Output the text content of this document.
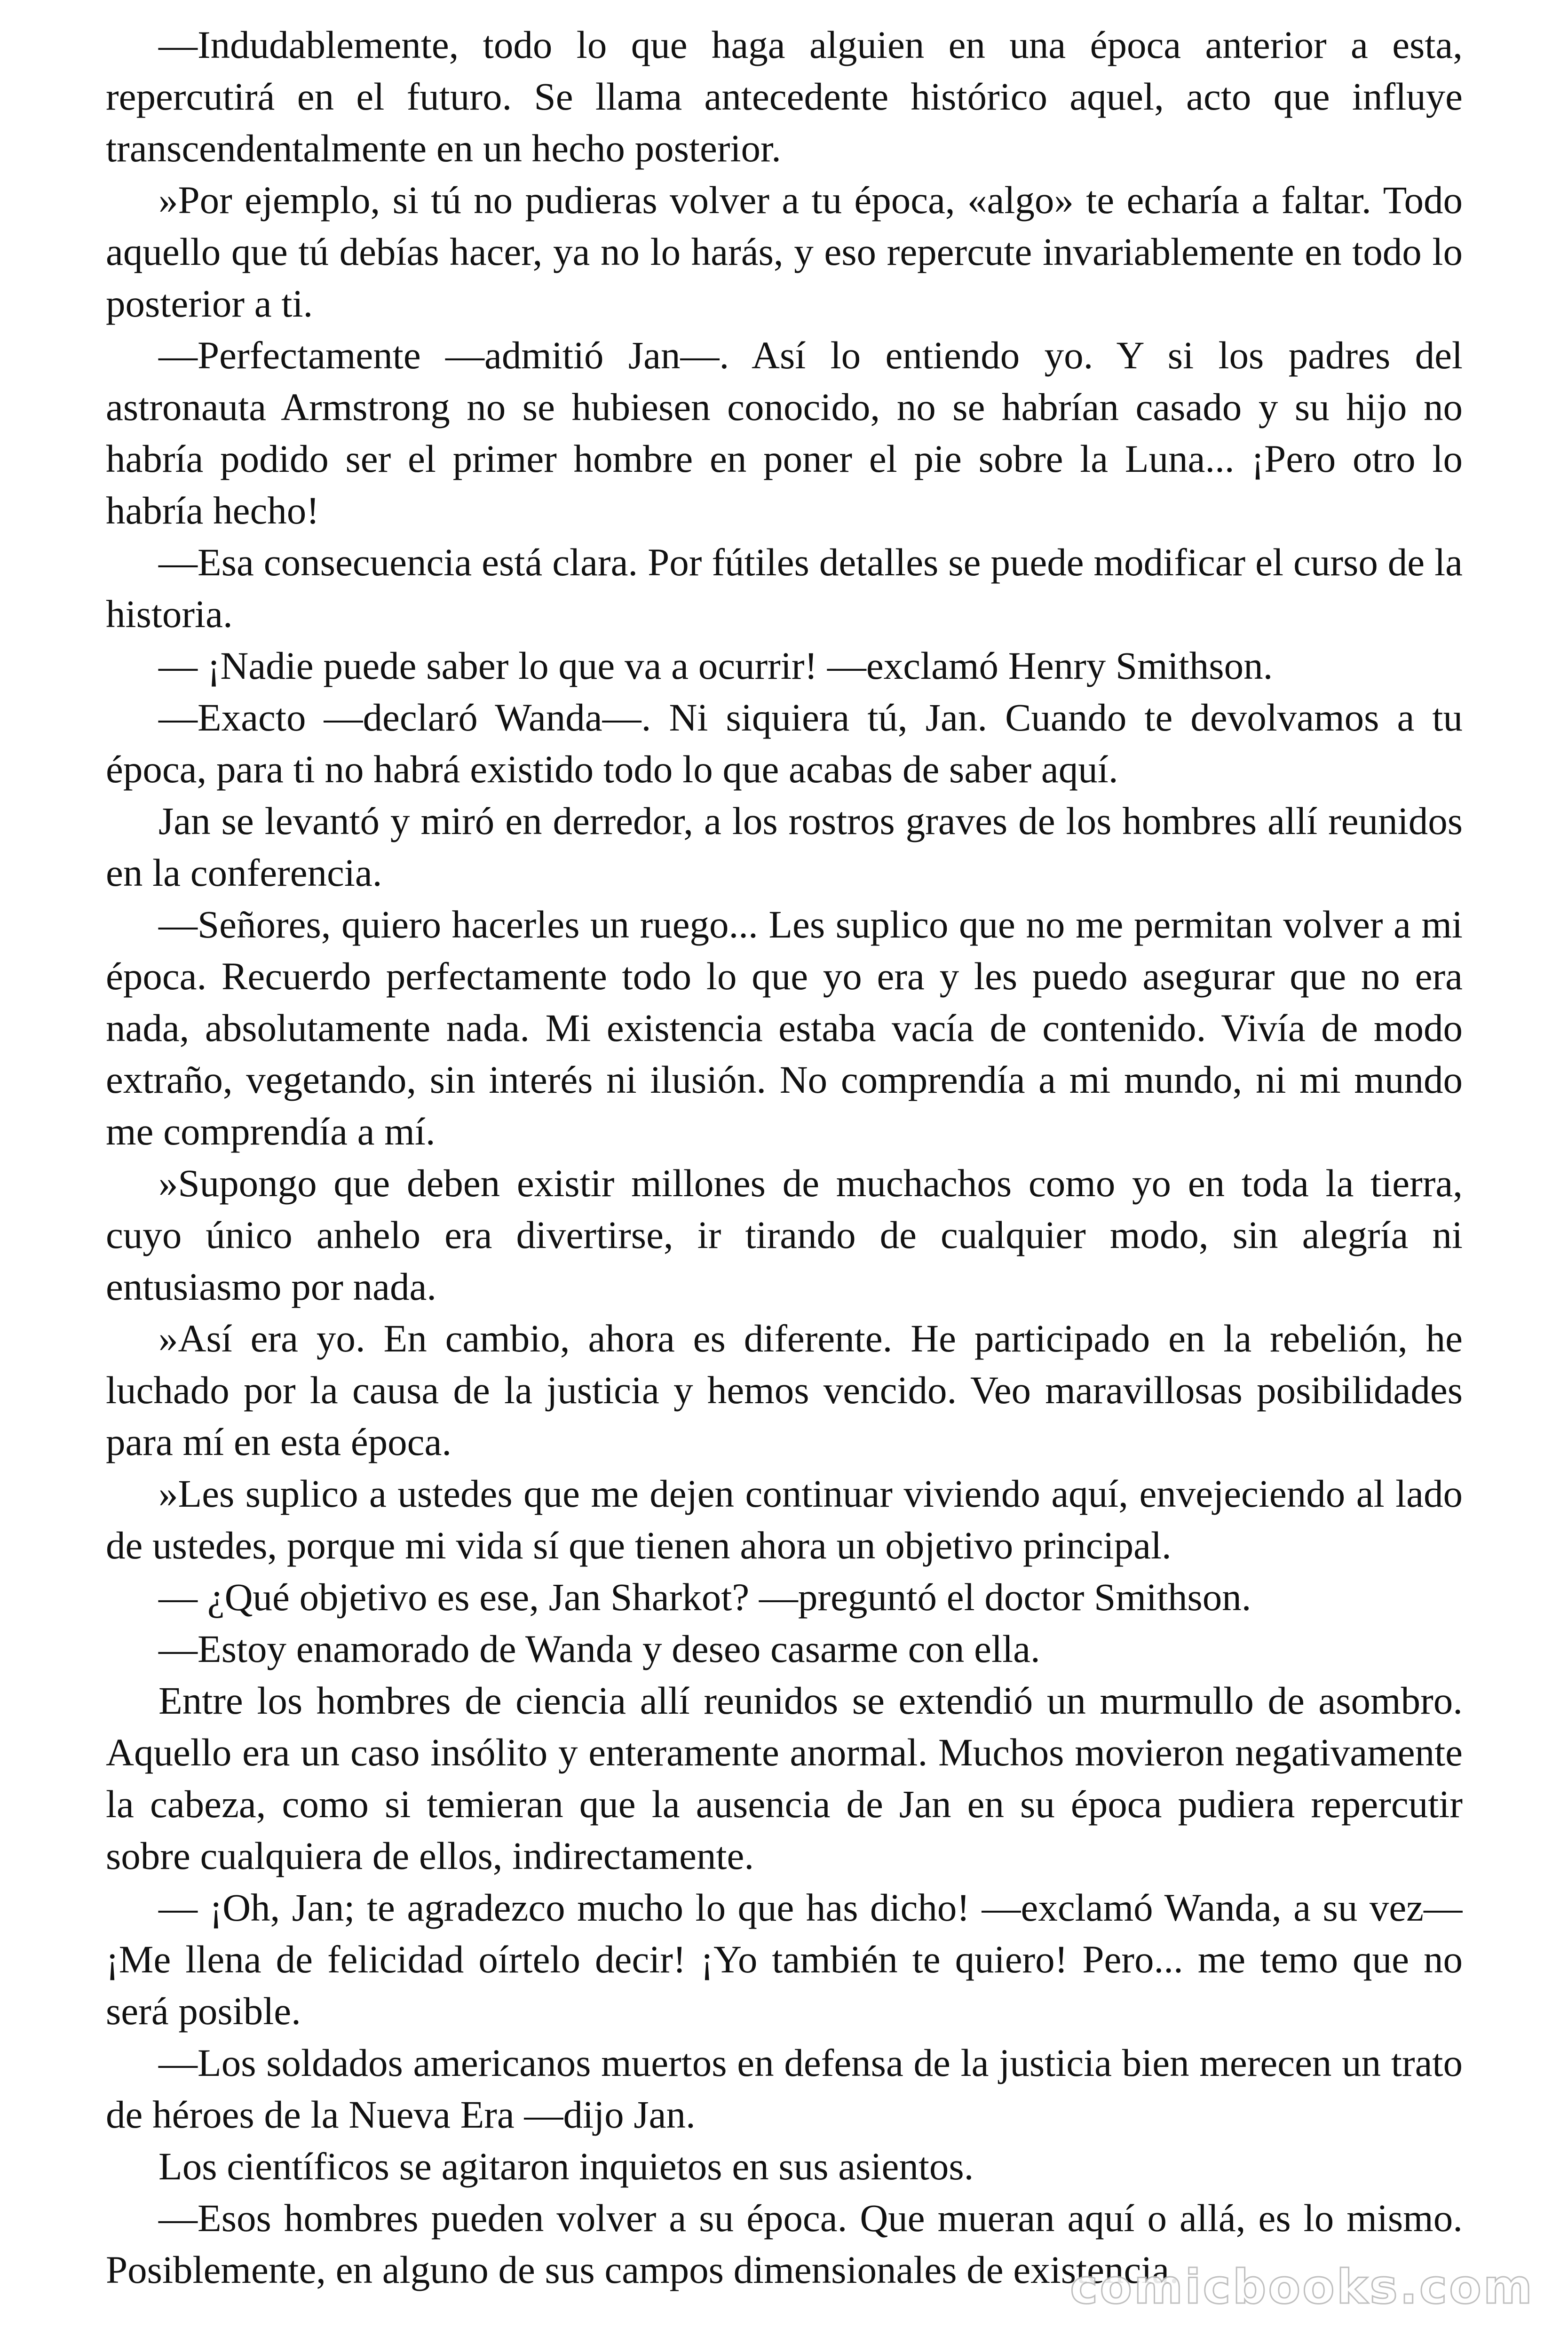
—Indudablemente, todo lo que haga alguien en una época anterior a esta, repercutirá en el futuro. Se llama antecedente histórico aquel, acto que influye transcendentalmente en un hecho posterior.

»Por ejemplo, si tú no pudieras volver a tu época, «algo» te echaría a faltar. Todo aquello que tú debías hacer, ya no lo harás, y eso repercute invariablemente en todo lo posterior a ti.

—Perfectamente —admitió Jan—. Así lo entiendo yo. Y si los padres del astronauta Armstrong no se hubiesen conocido, no se habrían casado y su hijo no habría podido ser el primer hombre en poner el pie sobre la Luna... ¡Pero otro lo habría hecho!

—Esa consecuencia está clara. Por fútiles detalles se puede modificar el curso de la historia.

— ¡Nadie puede saber lo que va a ocurrir! —exclamó Henry Smithson.

—Exacto —declaró Wanda—. Ni siquiera tú, Jan. Cuando te devolvamos a tu época, para ti no habrá existido todo lo que acabas de saber aquí.

Jan se levantó y miró en derredor, a los rostros graves de los hombres allí reunidos en la conferencia.

—Señores, quiero hacerles un ruego... Les suplico que no me permitan volver a mi época. Recuerdo perfectamente todo lo que yo era y les puedo asegurar que no era nada, absolutamente nada. Mi existencia estaba vacía de contenido. Vivía de modo extraño, vegetando, sin interés ni ilusión. No comprendía a mi mundo, ni mi mundo me comprendía a mí.

»Supongo que deben existir millones de muchachos como yo en toda la tierra, cuyo único anhelo era divertirse, ir tirando de cualquier modo, sin alegría ni entusiasmo por nada.

»Así era yo. En cambio, ahora es diferente. He participado en la rebelión, he luchado por la causa de la justicia y hemos vencido. Veo maravillosas posibilidades para mí en esta época.

»Les suplico a ustedes que me dejen continuar viviendo aquí, envejeciendo al lado de ustedes, porque mi vida sí que tienen ahora un objetivo principal.

— ¿Qué objetivo es ese, Jan Sharkot? —preguntó el doctor Smithson.

—Estoy enamorado de Wanda y deseo casarme con ella.

Entre los hombres de ciencia allí reunidos se extendió un murmullo de asombro. Aquello era un caso insólito y enteramente anormal. Muchos movieron negativamente la cabeza, como si temieran que la ausencia de Jan en su época pudiera repercutir sobre cualquiera de ellos, indirectamente.

— ¡Oh, Jan; te agradezco mucho lo que has dicho! —exclamó Wanda, a su vez— ¡Me llena de felicidad oírtelo decir! ¡Yo también te quiero! Pero... me temo que no será posible.

—Los soldados americanos muertos en defensa de la justicia bien merecen un trato de héroes de la Nueva Era —dijo Jan.

Los científicos se agitaron inquietos en sus asientos.

—Esos hombres pueden volver a su época. Que mueran aquí o allá, es lo mismo. Posiblemente, en alguno de sus campos dimensionales de existencia.

comicbooks.com
